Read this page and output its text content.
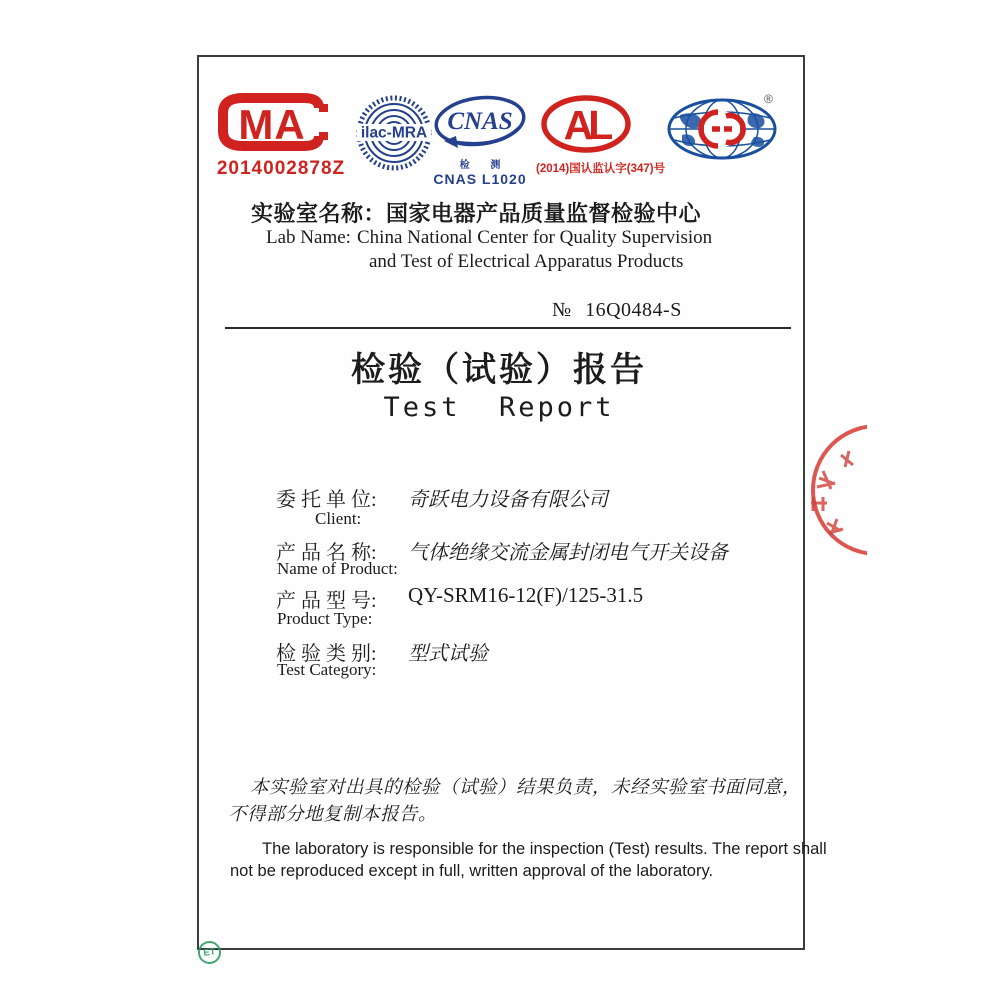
MA
2014002878Z
ilac-MRA CNAS
检 测
CNAS L1020
AL
(2014)国认监认字(347)号
®
实验室名称：国家电器产品质量监督检验中心
Lab Name: China National Center for Quality Supervision
and Test of Electrical Apparatus Products
№ 16Q0484-S
检验（试验）报告
Test  Report
委 托 单 位: 奇跃电力设备有限公司
Client:
产 品 名 称: 气体绝缘交流金属封闭电气开关设备
Name of Product:
产 品 型 号: QY-SRM16-12(F)/125-31.5
Product Type:
检 验 类 别: 型式试验
Test Category:
本实验室对出具的检验（试验）结果负责，未经实验室书面同意，
不得部分地复制本报告。
The laboratory is responsible for the inspection (Test) results. The report shall
not be reproduced except in full, written approval of the laboratory.
ET
